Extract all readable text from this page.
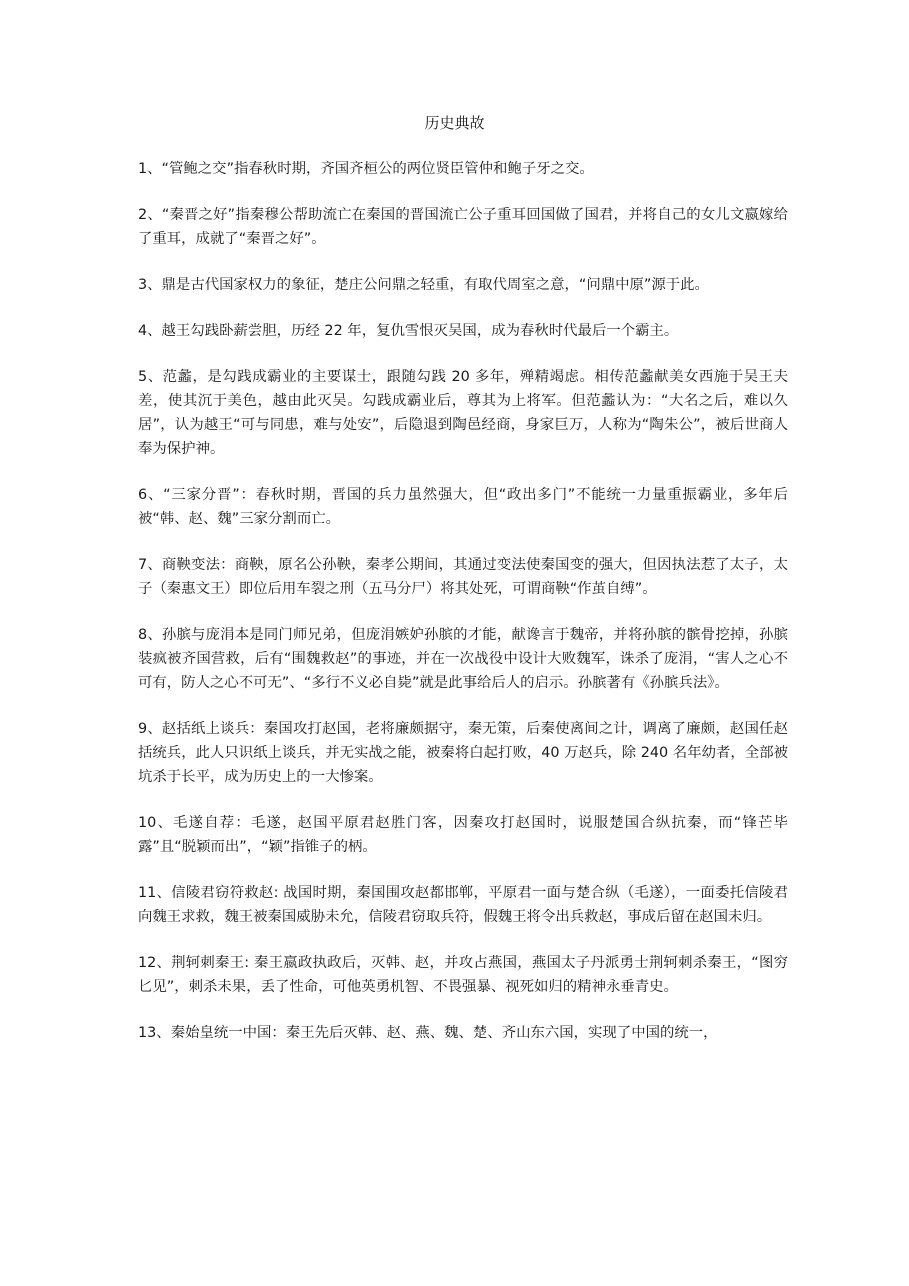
历史典故

1、“管鲍之交”指春秋时期，齐国齐桓公的两位贤臣管仲和鲍子牙之交。

2、“秦晋之好”指秦穆公帮助流亡在秦国的晋国流亡公子重耳回国做了国君，并将自己的女儿文嬴嫁给了重耳，成就了“秦晋之好”。

3、鼎是古代国家权力的象征，楚庄公问鼎之轻重，有取代周室之意，“问鼎中原”源于此。

4、越王勾践卧薪尝胆，历经 22 年，复仇雪恨灭吴国，成为春秋时代最后一个霸主。

5、范蠡，是勾践成霸业的主要谋士，跟随勾践 20 多年，殚精竭虑。相传范蠡献美女西施于吴王夫差，使其沉于美色，越由此灭吴。勾践成霸业后，尊其为上将军。但范蠡认为：“大名之后，难以久居”，认为越王“可与同患，难与处安”，后隐退到陶邑经商，身家巨万，人称为“陶朱公”，被后世商人奉为保护神。

6、“三家分晋”：春秋时期，晋国的兵力虽然强大，但“政出多门”不能统一力量重振霸业，多年后被“韩、赵、魏”三家分割而亡。

7、商鞅变法：商鞅，原名公孙鞅，秦孝公期间，其通过变法使秦国变的强大，但因执法惹了太子，太子（秦惠文王）即位后用车裂之刑（五马分尸）将其处死，可谓商鞅“作茧自缚”。

8、孙膑与庞涓本是同门师兄弟，但庞涓嫉妒孙膑的才能，献谗言于魏帝，并将孙膑的髌骨挖掉，孙膑装疯被齐国营救，后有“围魏救赵”的事迹，并在一次战役中设计大败魏军，诛杀了庞涓，“害人之心不可有，防人之心不可无”、“多行不义必自毙”就是此事给后人的启示。孙膑著有《孙膑兵法》。

9、赵括纸上谈兵：秦国攻打赵国，老将廉颇据守，秦无策，后秦使离间之计，调离了廉颇，赵国任赵括统兵，此人只识纸上谈兵，并无实战之能，被秦将白起打败，40 万赵兵，除 240 名年幼者，全部被坑杀于长平，成为历史上的一大惨案。

10、毛遂自荐：毛遂，赵国平原君赵胜门客，因秦攻打赵国时，说服楚国合纵抗秦，而“锋芒毕露”且“脱颖而出”，“颖”指锥子的柄。

11、信陵君窃符救赵: 战国时期，秦国围攻赵都邯郸，平原君一面与楚合纵（毛遂），一面委托信陵君向魏王求救，魏王被秦国威胁未允，信陵君窃取兵符，假魏王将令出兵救赵，事成后留在赵国未归。

12、荆轲刺秦王: 秦王嬴政执政后，灭韩、赵，并攻占燕国，燕国太子丹派勇士荆轲刺杀秦王，“图穷匕见”，刺杀未果，丢了性命，可他英勇机智、不畏强暴、视死如归的精神永垂青史。

13、秦始皇统一中国：秦王先后灭韩、赵、燕、魏、楚、齐山东六国，实现了中国的统一，
